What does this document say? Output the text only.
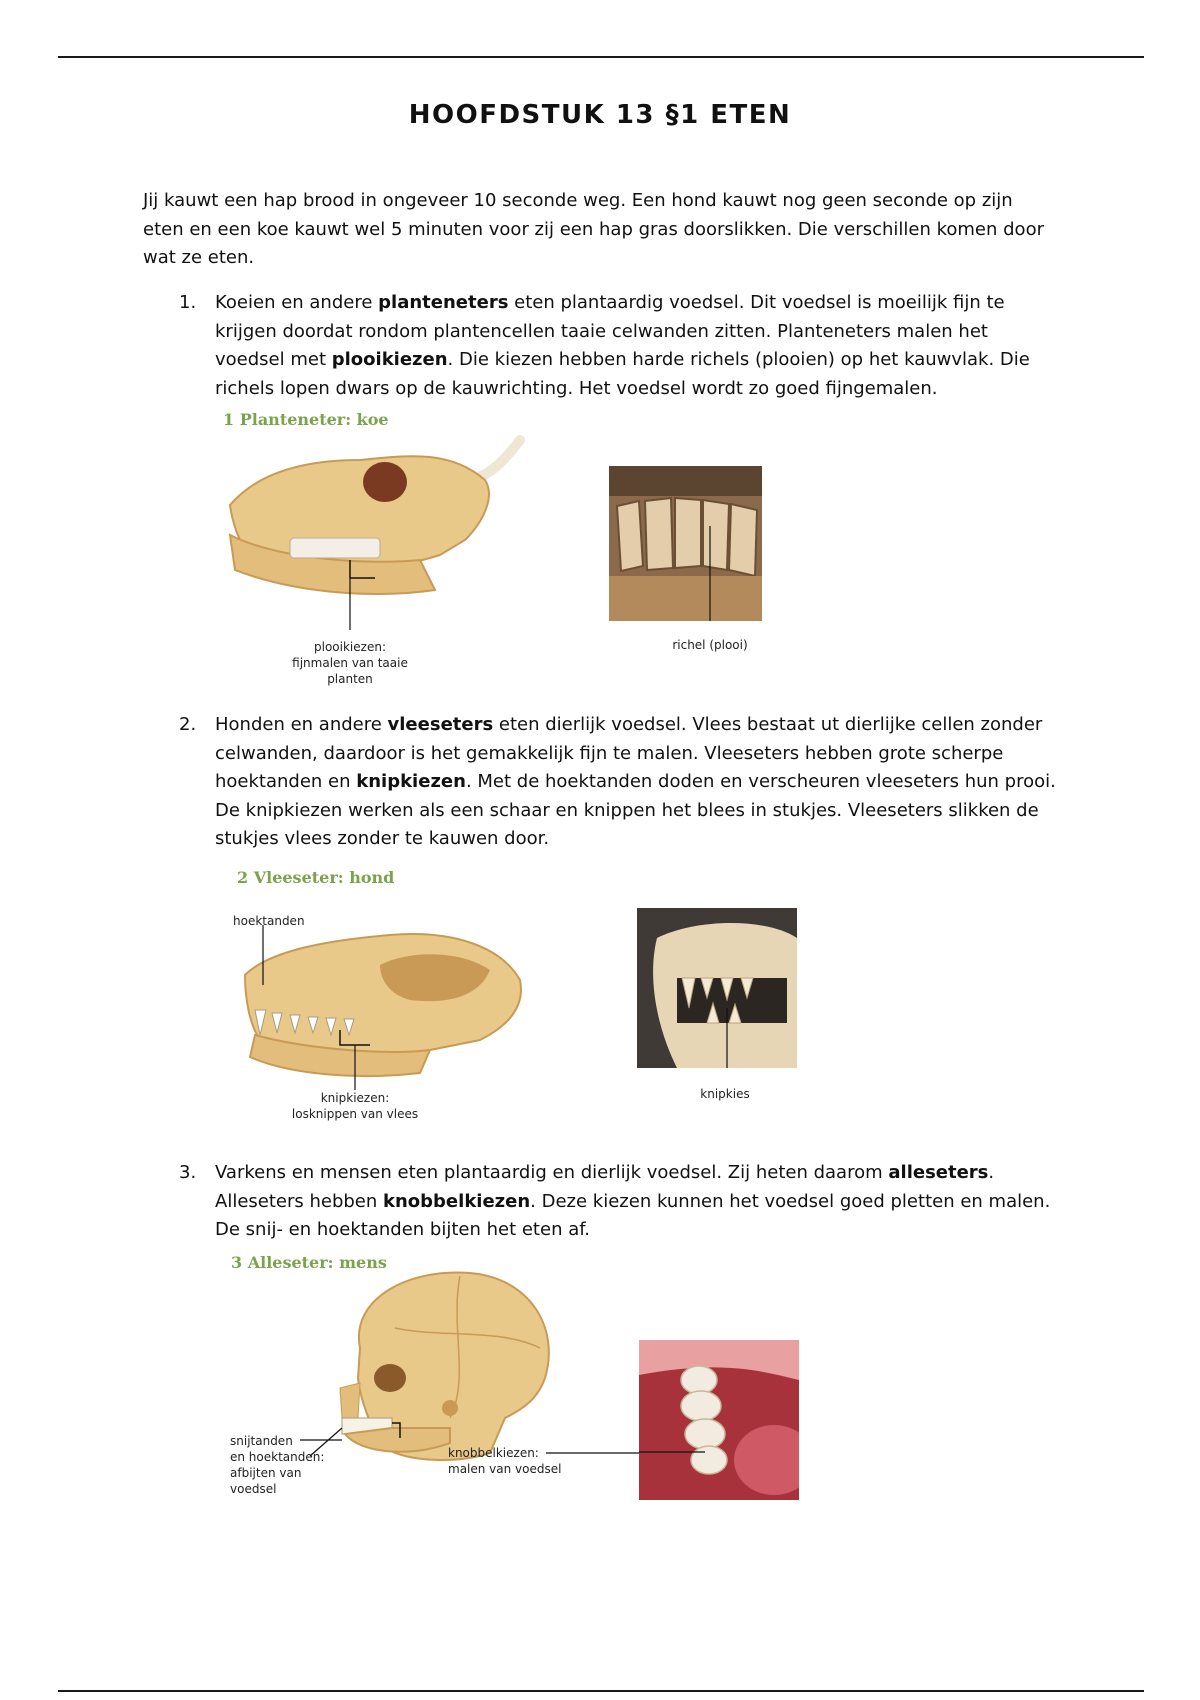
HOOFDSTUK 13 §1 ETEN

Jij kauwt een hap brood in ongeveer 10 seconde weg. Een hond kauwt nog geen seconde op zijn eten en een koe kauwt wel 5 minuten voor zij een hap gras doorslikken. Die verschillen komen door wat ze eten.

1. Koeien en andere planteneters eten plantaardig voedsel. Dit voedsel is moeilijk fijn te krijgen doordat rondom plantencellen taaie celwanden zitten. Planteneters malen het voedsel met plooikiezen. Die kiezen hebben harde richels (plooien) op het kauwvlak. Die richels lopen dwars op de kauwrichting. Het voedsel wordt zo goed fijngemalen.
1 Planteneter: koe
plooikiezen:
fijnmalen van taaie planten
richel (plooi)
2. Honden en andere vleeseters eten dierlijk voedsel. Vlees bestaat ut dierlijke cellen zonder celwanden, daardoor is het gemakkelijk fijn te malen. Vleeseters hebben grote scherpe hoektanden en knipkiezen. Met de hoektanden doden en verscheuren vleeseters hun prooi. De knipkiezen werken als een schaar en knippen het blees in stukjes. Vleeseters slikken de stukjes vlees zonder te kauwen door.
2 Vleeseter: hond
hoektanden
knipkiezen:
losknippen van vlees
knipkies
3. Varkens en mensen eten plantaardig en dierlijk voedsel. Zij heten daarom alleseters. Alleseters hebben knobbelkiezen. Deze kiezen kunnen het voedsel goed pletten en malen. De snij- en hoektanden bijten het eten af.
3 Alleseter: mens
snijtanden
en hoektanden:
afbijten van
voedsel
knobbelkiezen:
malen van voedsel
